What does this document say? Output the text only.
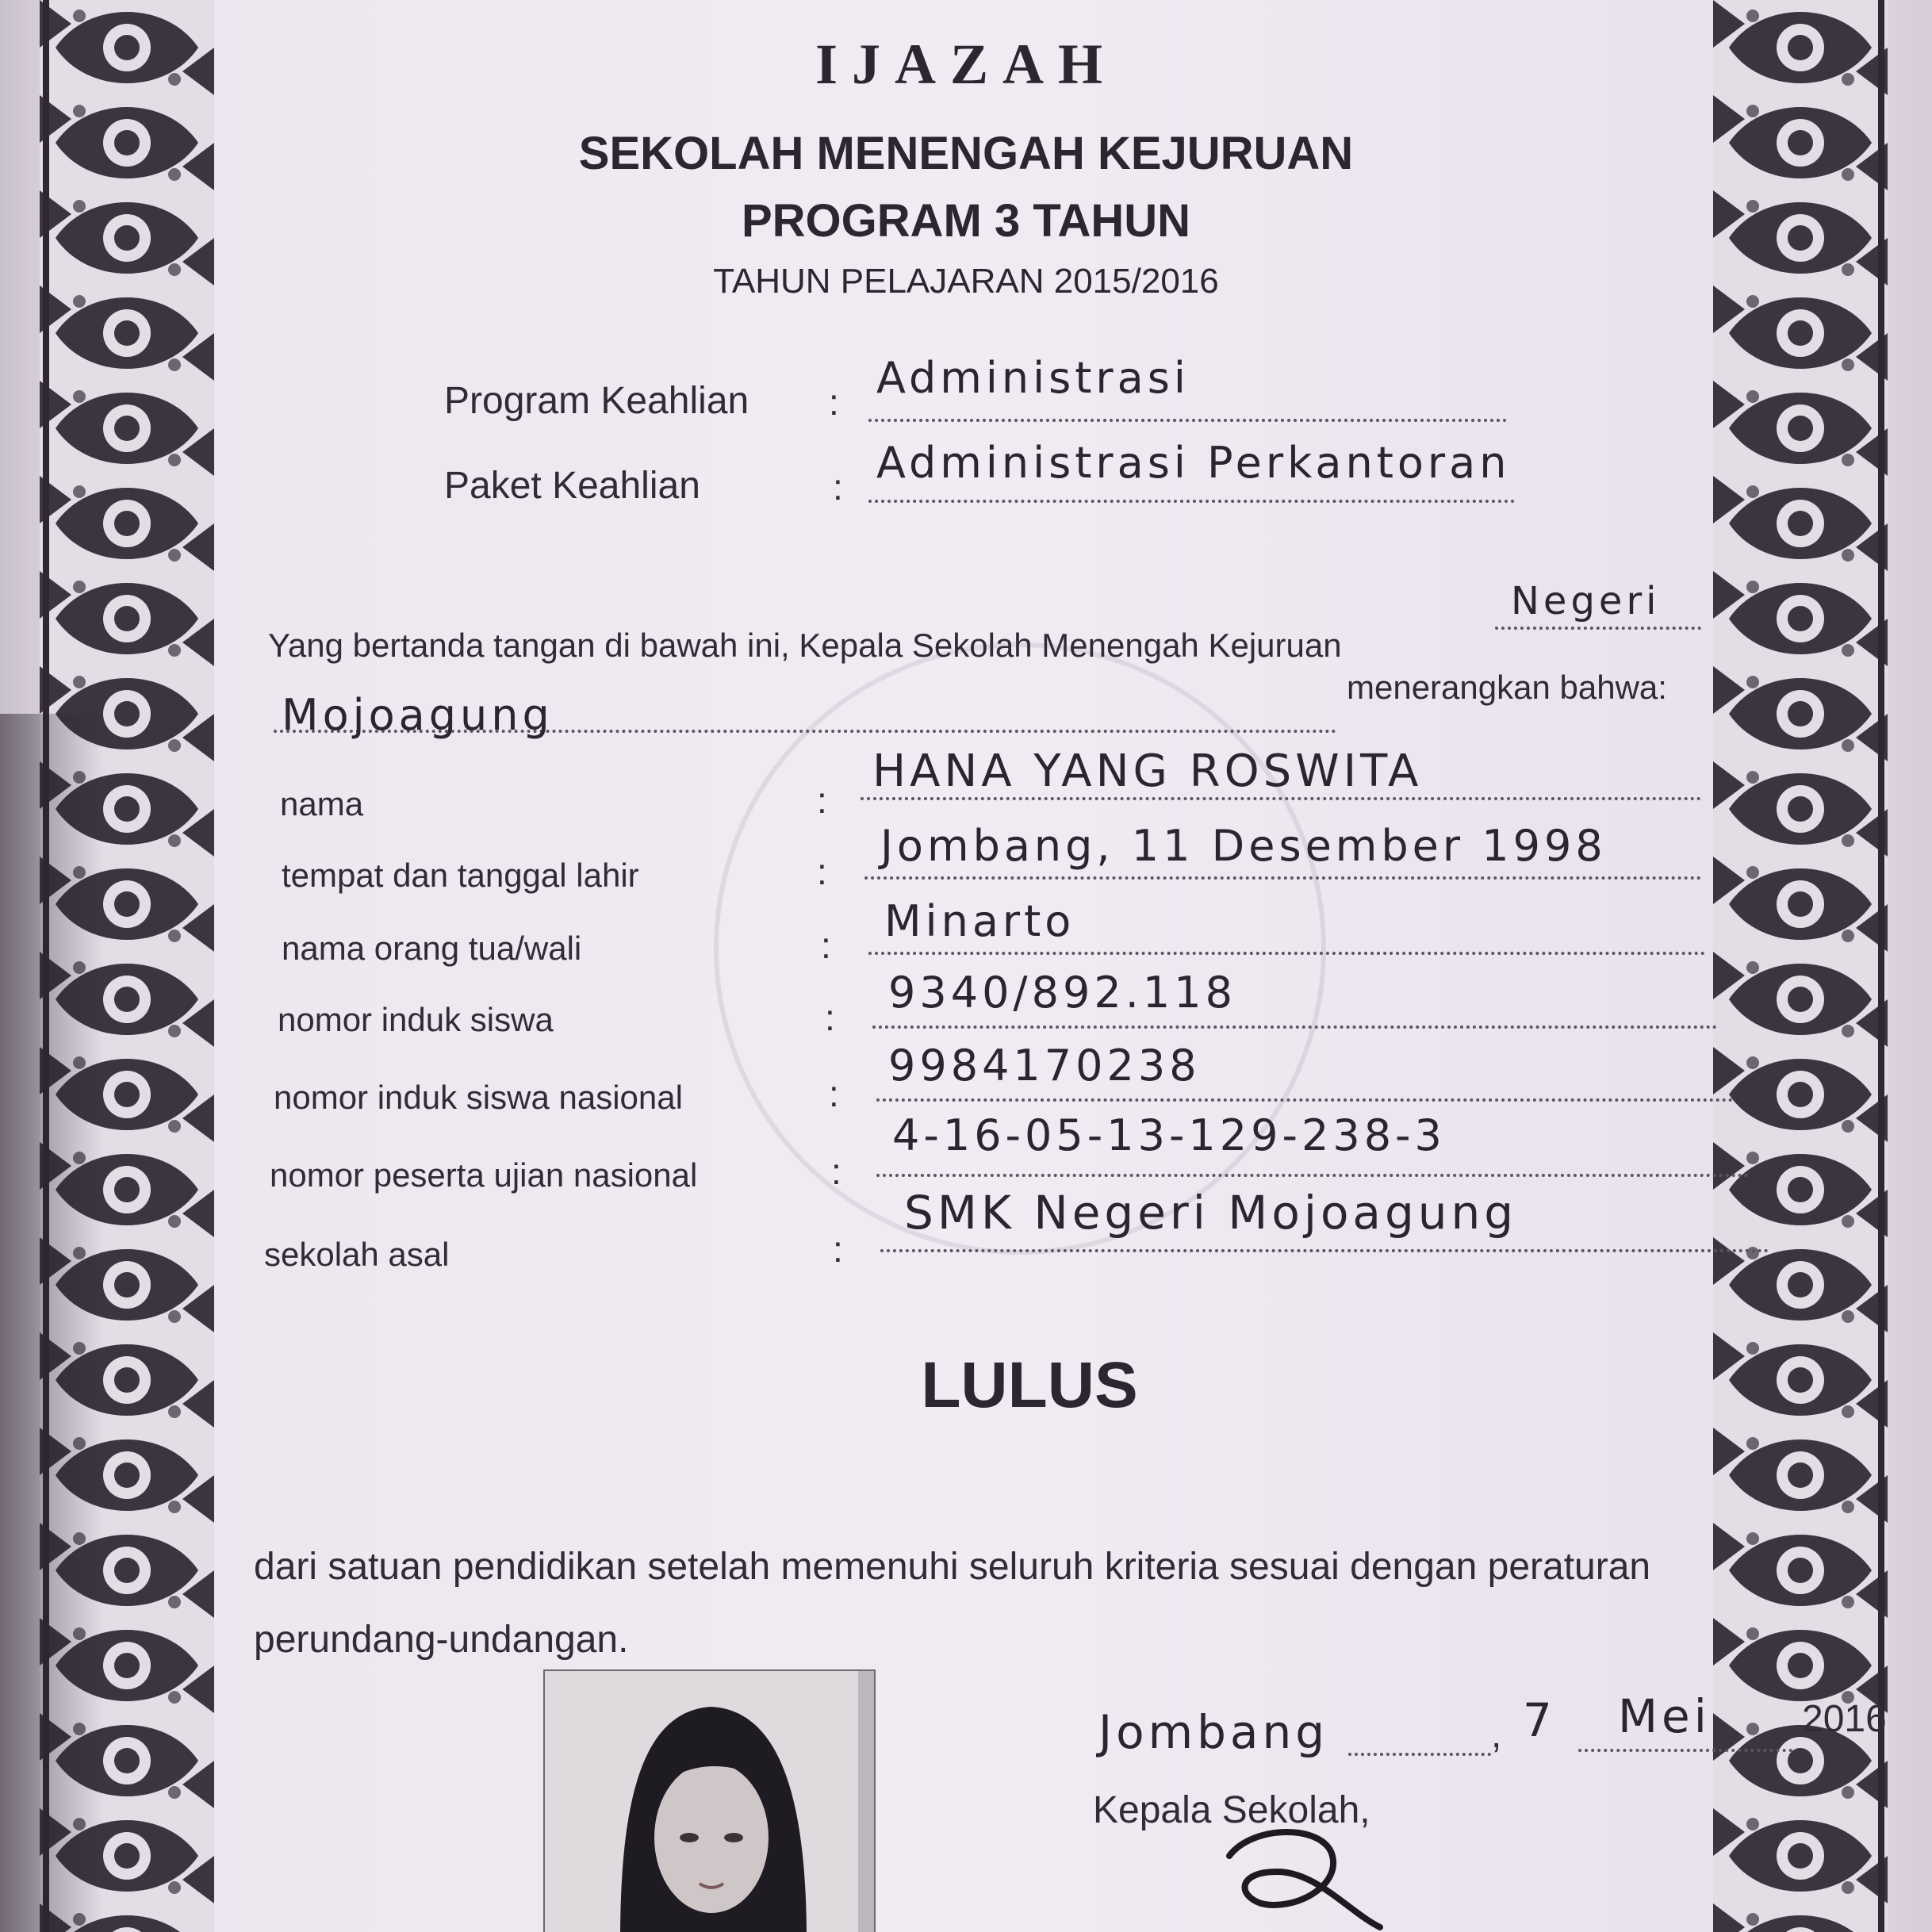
IJAZAH
SEKOLAH MENENGAH KEJURUAN
PROGRAM 3 TAHUN
TAHUN PELAJARAN 2015/2016
Program Keahlian : Administrasi
Paket Keahlian	: Administrasi Perkantoran
Yang bertanda tangan di bawah ini, Kepala Sekolah Menengah Kejuruan
Negeri
Mojoagung
menerangkan bahwa:
nama	:
HANA YANG ROSWITA
tempat dan tanggal lahir	:
Jombang, 11 Desember 1998
nama orang tua/wali	: Minarto
nomor induk siswa	: 9340/892.118
nomor induk siswa nasional	:
9984170238
nomor peserta ujian nasional	:
4-16-05-13-129-238-3
sekolah asal	:
SMK Negeri Mojoagung
LULUS
dari satuan pendidikan setelah memenuhi seluruh kriteria sesuai dengan peraturan
perundang-undangan.
Jombang	, 7 Mei 2016
Kepala Sekolah,
